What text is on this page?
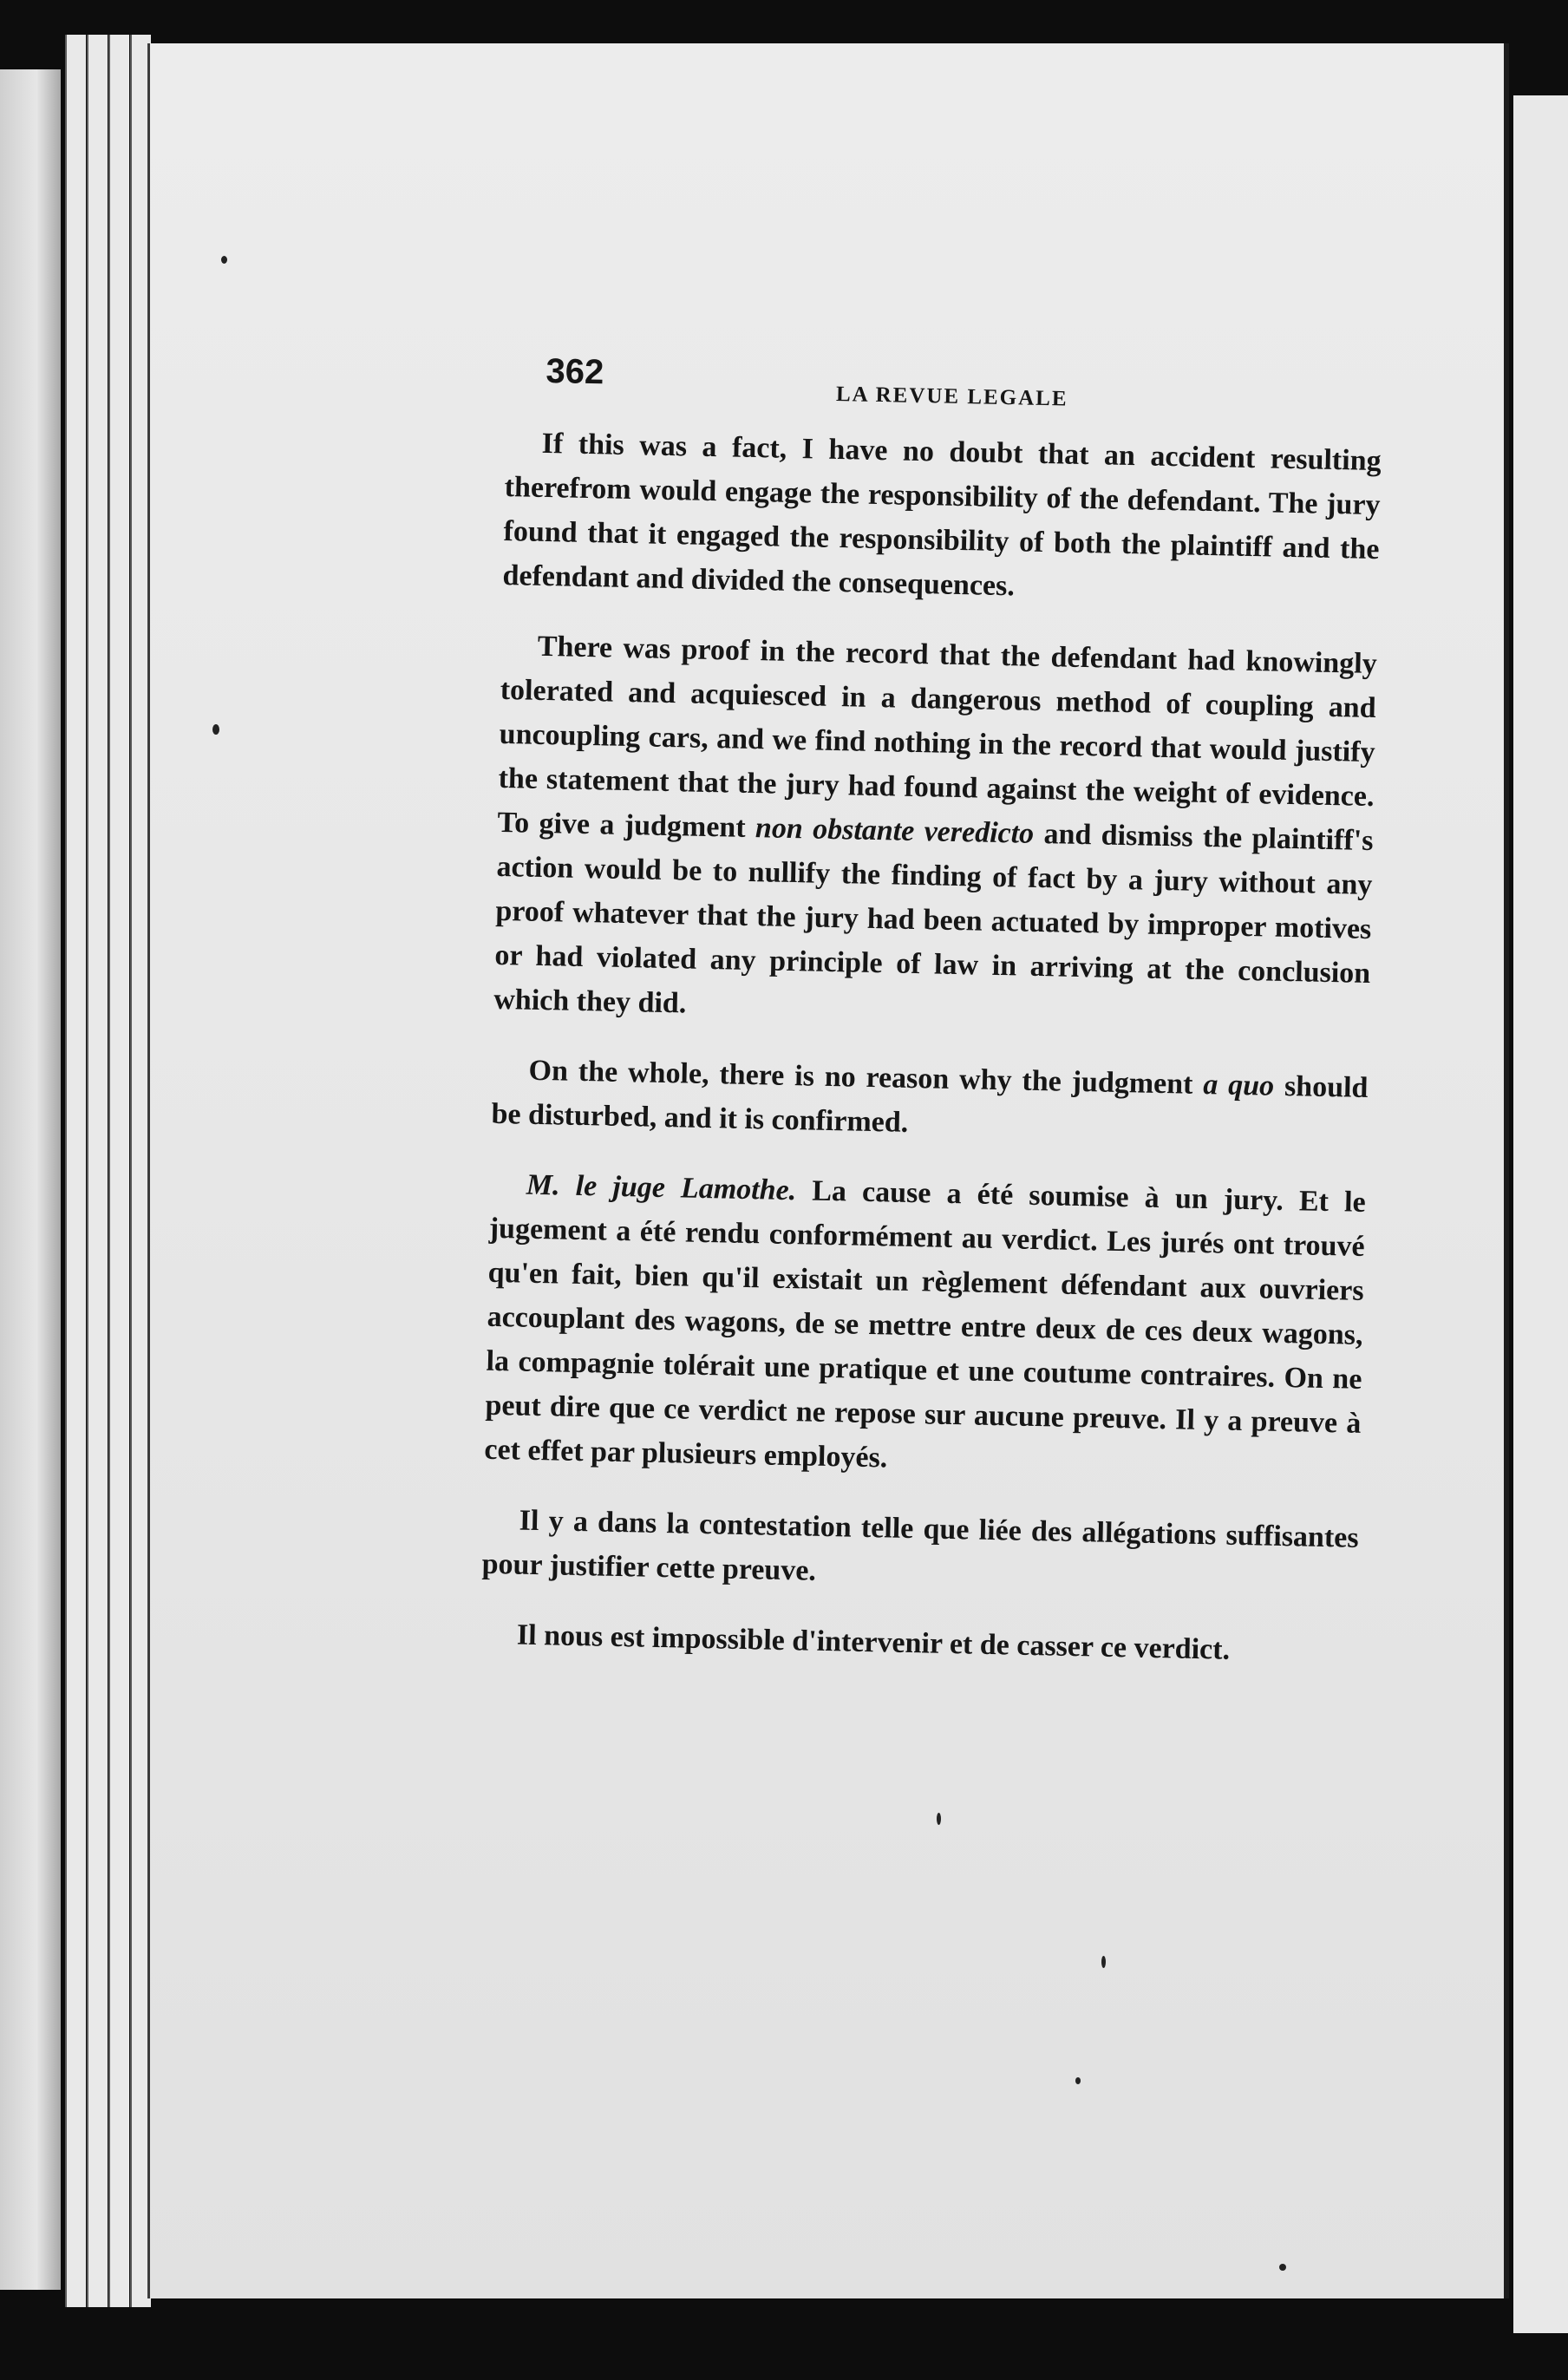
362
LA REVUE LEGALE

If this was a fact, I have no doubt that an accident resulting therefrom would engage the responsibility of the defendant. The jury found that it engaged the responsibility of both the plaintiff and the defendant and divided the consequences.

There was proof in the record that the defendant had knowingly tolerated and acquiesced in a dangerous method of coupling and uncoupling cars, and we find nothing in the record that would justify the statement that the jury had found against the weight of evidence. To give a judgment non obstante veredicto and dismiss the plaintiff's action would be to nullify the finding of fact by a jury without any proof whatever that the jury had been actuated by improper motives or had violated any principle of law in arriving at the conclusion which they did.

On the whole, there is no reason why the judgment a quo should be disturbed, and it is confirmed.

M. le juge Lamothe. La cause a été soumise à un jury. Et le jugement a été rendu conformément au verdict. Les jurés ont trouvé qu'en fait, bien qu'il existait un règlement défendant aux ouvriers accouplant des wagons, de se mettre entre deux de ces deux wagons, la compagnie tolérait une pratique et une coutume contraires. On ne peut dire que ce verdict ne repose sur aucune preuve. Il y a preuve à cet effet par plusieurs employés.

Il y a dans la contestation telle que liée des allégations suffisantes pour justifier cette preuve.

Il nous est impossible d'intervenir et de casser ce verdict.
